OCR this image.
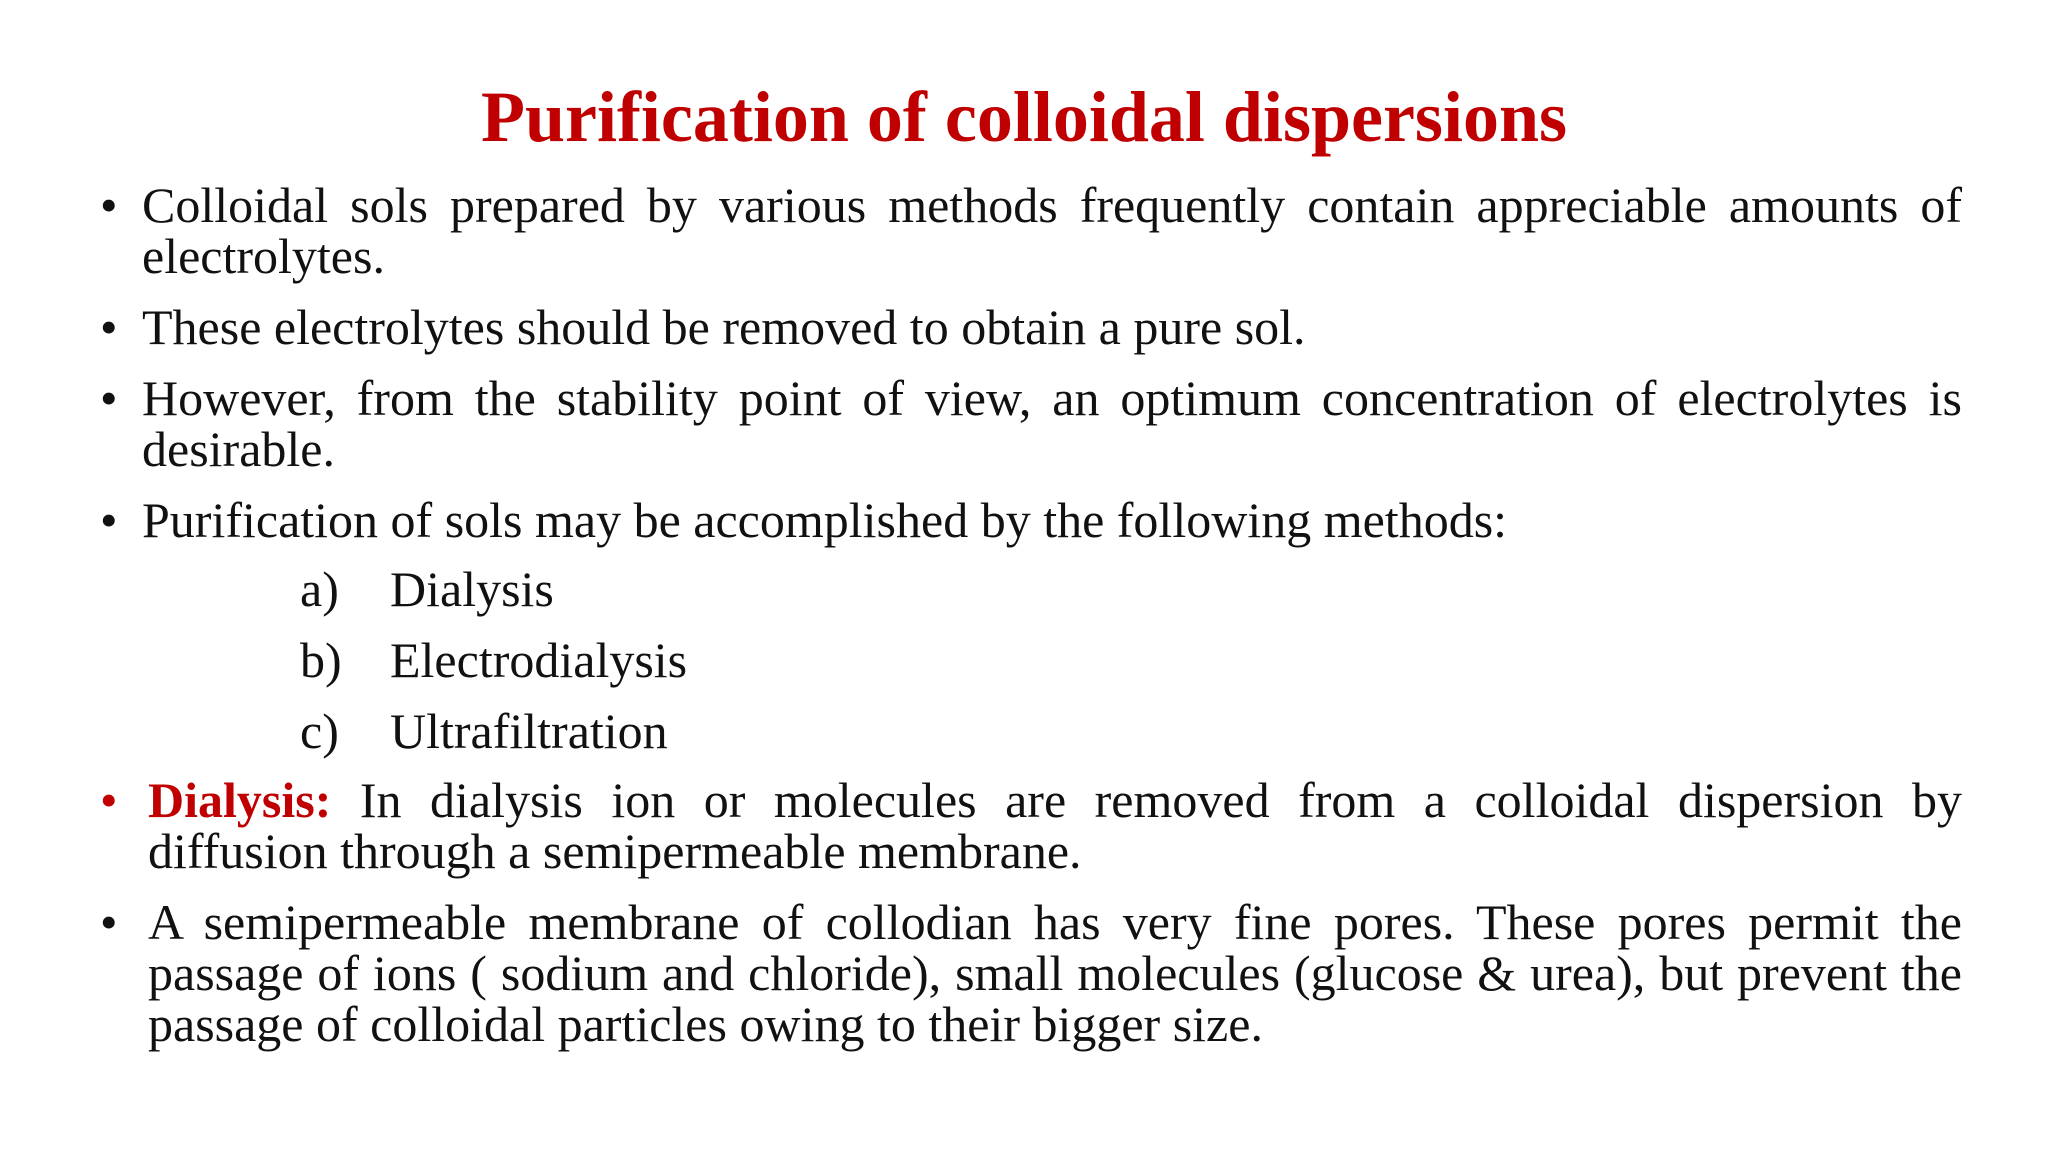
Purification of colloidal dispersions
• Colloidal sols prepared by various methods frequently contain appreciable amounts of electrolytes.
• These electrolytes should be removed to obtain a pure sol.
• However, from the stability point of view, an optimum concentration of electrolytes is desirable.
• Purification of sols may be accomplished by the following methods:
a) Dialysis
b) Electrodialysis
c) Ultrafiltration
• Dialysis: In dialysis ion or molecules are removed from a colloidal dispersion by diffusion through a semipermeable membrane.
• A semipermeable membrane of collodian has very fine pores. These pores permit the passage of ions ( sodium and chloride), small molecules (glucose & urea), but prevent the passage of colloidal particles owing to their bigger size.
